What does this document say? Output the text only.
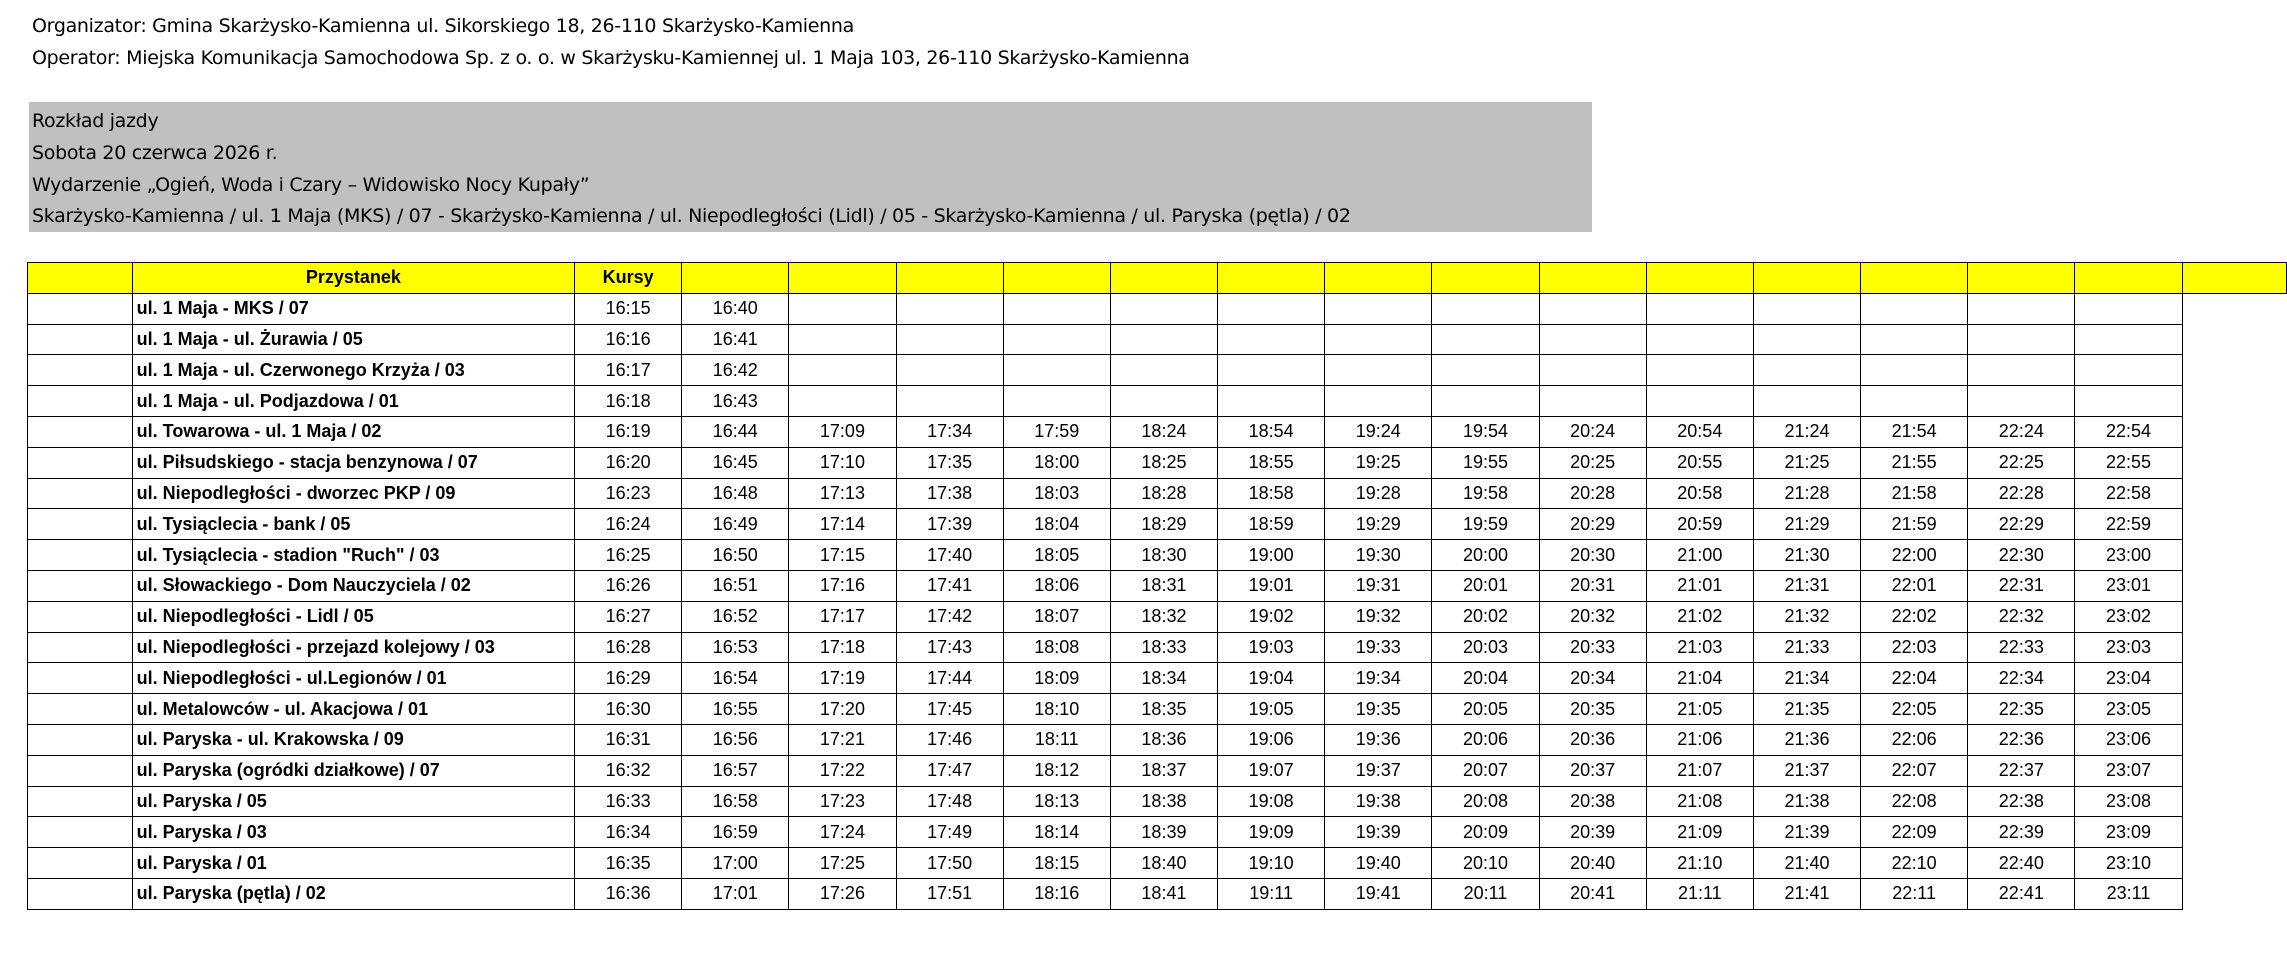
Organizator: Gmina Skarżysko-Kamienna ul. Sikorskiego 18, 26-110 Skarżysko-Kamienna
Operator: Miejska Komunikacja Samochodowa Sp. z o. o. w Skarżysku-Kamiennej ul. 1 Maja 103, 26-110 Skarżysko-Kamienna
Rozkład jazdy
Sobota 20 czerwca 2026 r.
Wydarzenie „Ogień, Woda i Czary – Widowisko Nocy Kupały”
Skarżysko-Kamienna / ul. 1 Maja (MKS) / 07 - Skarżysko-Kamienna / ul. Niepodległości (Lidl) / 05 - Skarżysko-Kamienna / ul. Paryska (pętla) / 02
	Przystanek	Kursy															
	ul. 1 Maja - MKS / 07	16:15	16:40														
	ul. 1 Maja - ul. Żurawia / 05	16:16	16:41														
	ul. 1 Maja - ul. Czerwonego Krzyża / 03	16:17	16:42														
	ul. 1 Maja - ul. Podjazdowa / 01	16:18	16:43														
	ul. Towarowa - ul. 1 Maja / 02	16:19	16:44	17:09	17:34	17:59	18:24	18:54	19:24	19:54	20:24	20:54	21:24	21:54	22:24	22:54	
	ul. Piłsudskiego - stacja benzynowa / 07	16:20	16:45	17:10	17:35	18:00	18:25	18:55	19:25	19:55	20:25	20:55	21:25	21:55	22:25	22:55	
	ul. Niepodległości - dworzec PKP / 09	16:23	16:48	17:13	17:38	18:03	18:28	18:58	19:28	19:58	20:28	20:58	21:28	21:58	22:28	22:58	
	ul. Tysiąclecia - bank / 05	16:24	16:49	17:14	17:39	18:04	18:29	18:59	19:29	19:59	20:29	20:59	21:29	21:59	22:29	22:59	
	ul. Tysiąclecia - stadion "Ruch" / 03	16:25	16:50	17:15	17:40	18:05	18:30	19:00	19:30	20:00	20:30	21:00	21:30	22:00	22:30	23:00	
	ul. Słowackiego - Dom Nauczyciela / 02	16:26	16:51	17:16	17:41	18:06	18:31	19:01	19:31	20:01	20:31	21:01	21:31	22:01	22:31	23:01	
	ul. Niepodległości - Lidl / 05	16:27	16:52	17:17	17:42	18:07	18:32	19:02	19:32	20:02	20:32	21:02	21:32	22:02	22:32	23:02	
	ul. Niepodległości - przejazd kolejowy / 03	16:28	16:53	17:18	17:43	18:08	18:33	19:03	19:33	20:03	20:33	21:03	21:33	22:03	22:33	23:03	
	ul. Niepodległości - ul.Legionów / 01	16:29	16:54	17:19	17:44	18:09	18:34	19:04	19:34	20:04	20:34	21:04	21:34	22:04	22:34	23:04	
	ul. Metalowców - ul. Akacjowa / 01	16:30	16:55	17:20	17:45	18:10	18:35	19:05	19:35	20:05	20:35	21:05	21:35	22:05	22:35	23:05	
	ul. Paryska - ul. Krakowska / 09	16:31	16:56	17:21	17:46	18:11	18:36	19:06	19:36	20:06	20:36	21:06	21:36	22:06	22:36	23:06	
	ul. Paryska (ogródki działkowe) / 07	16:32	16:57	17:22	17:47	18:12	18:37	19:07	19:37	20:07	20:37	21:07	21:37	22:07	22:37	23:07	
	ul. Paryska / 05	16:33	16:58	17:23	17:48	18:13	18:38	19:08	19:38	20:08	20:38	21:08	21:38	22:08	22:38	23:08	
	ul. Paryska / 03	16:34	16:59	17:24	17:49	18:14	18:39	19:09	19:39	20:09	20:39	21:09	21:39	22:09	22:39	23:09	
	ul. Paryska / 01	16:35	17:00	17:25	17:50	18:15	18:40	19:10	19:40	20:10	20:40	21:10	21:40	22:10	22:40	23:10	
	ul. Paryska (pętla) / 02	16:36	17:01	17:26	17:51	18:16	18:41	19:11	19:41	20:11	20:41	21:11	21:41	22:11	22:41	23:11	
